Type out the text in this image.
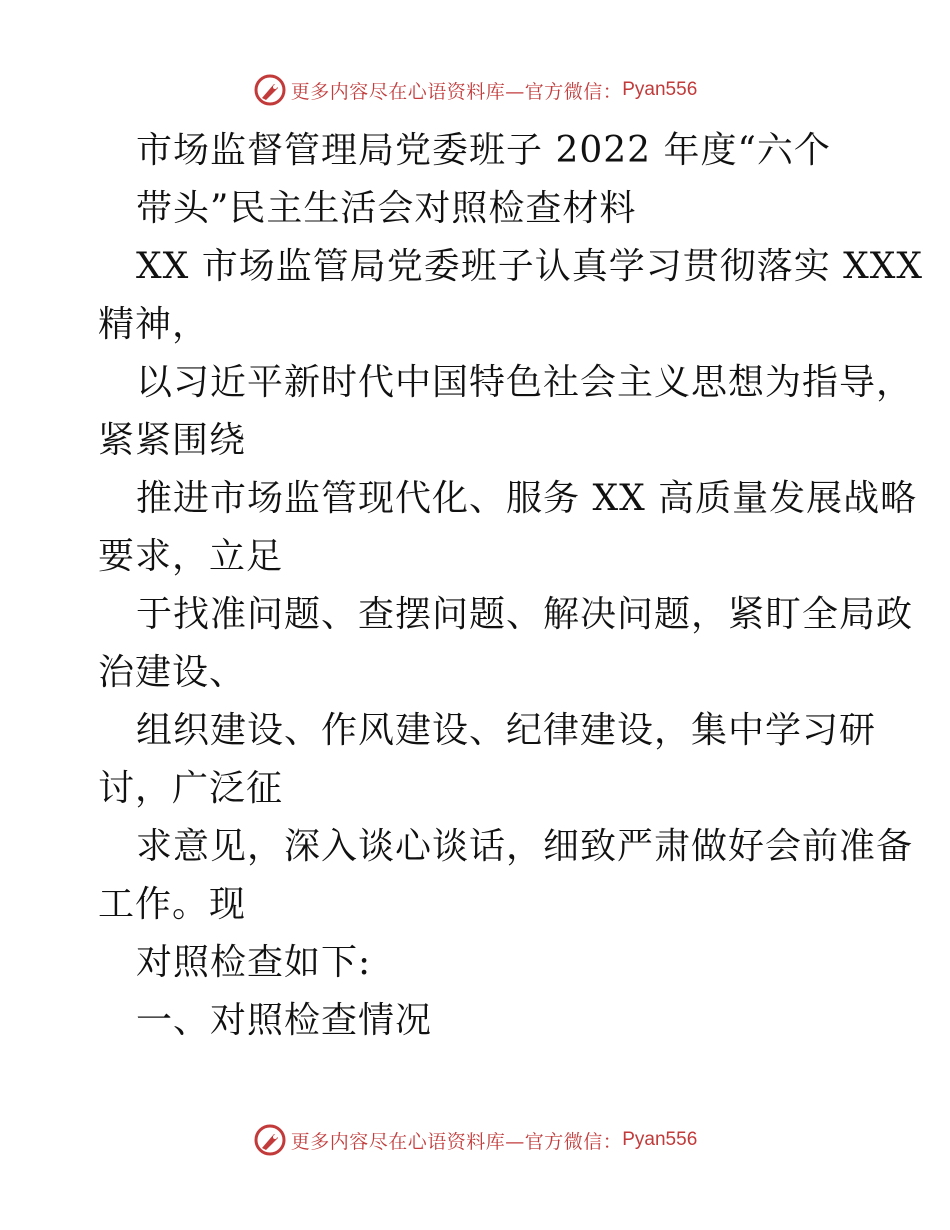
更多内容尽在心语资料库—官方微信： Pyan556
市场监督管理局党委班子 2022 年度“六个
带头”民主生活会对照检查材料
XX 市场监管局党委班子认真学习贯彻落实 XXX
精神，
以习近平新时代中国特色社会主义思想为指导，
紧紧围绕
推进市场监管现代化、服务 XX 高质量发展战略
要求，立足
于找准问题、查摆问题、解决问题，紧盯全局政
治建设、
组织建设、作风建设、纪律建设，集中学习研
讨，广泛征
求意见，深入谈心谈话，细致严肃做好会前准备
工作。现
对照检查如下:
一、对照检查情况
更多内容尽在心语资料库—官方微信： Pyan556
